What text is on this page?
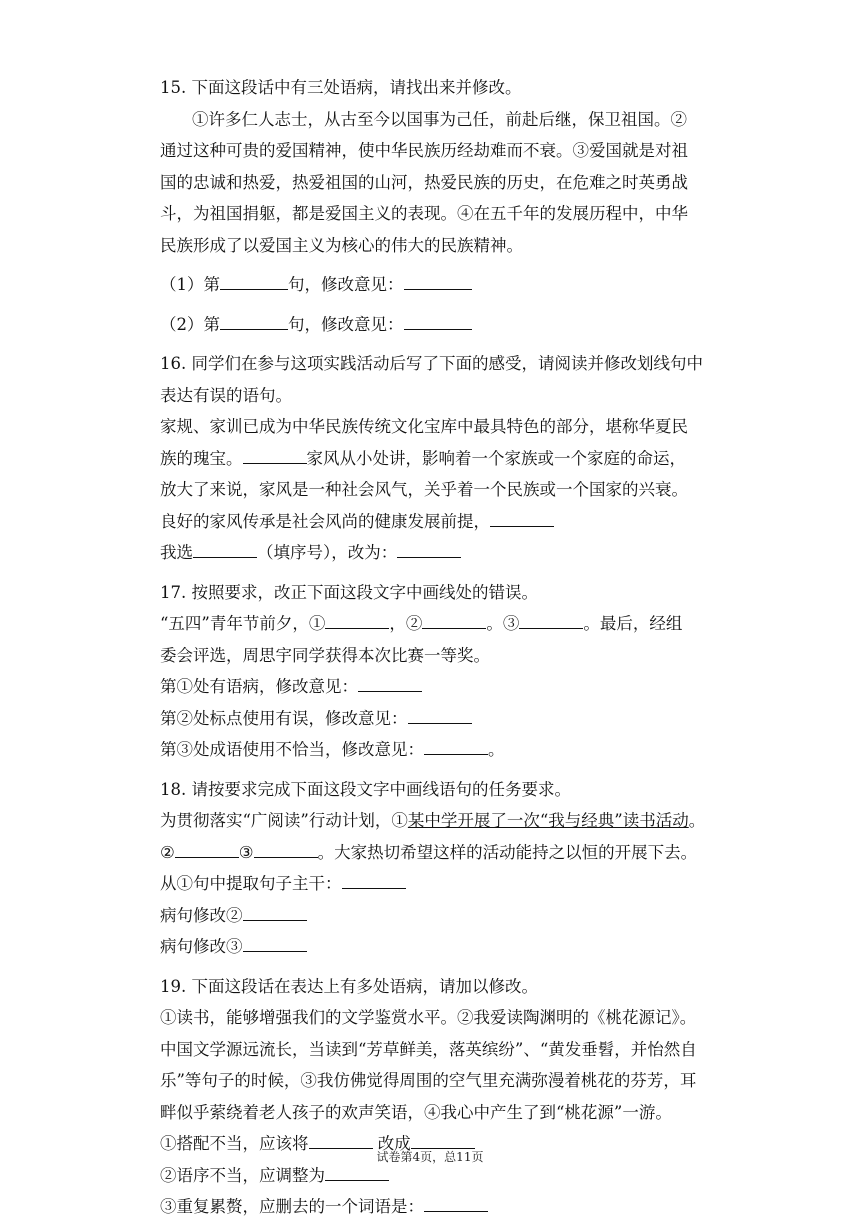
15. 下面这段话中有三处语病，请找出来并修改。
①许多仁人志士，从古至今以国事为己任，前赴后继，保卫祖国。②
通过这种可贵的爱国精神，使中华民族历经劫难而不衰。③爱国就是对祖
国的忠诚和热爱，热爱祖国的山河，热爱民族的历史，在危难之时英勇战
斗，为祖国捐躯，都是爱国主义的表现。④在五千年的发展历程中，中华
民族形成了以爱国主义为核心的伟大的民族精神。
（1）第	句，修改意见：
（2）第	句，修改意见：
16. 同学们在参与这项实践活动后写了下面的感受，请阅读并修改划线句中
表达有误的语句。
家规、家训已成为中华民族传统文化宝库中最具特色的部分，堪称华夏民
族的瑰宝。	家风从小处讲，影响着一个家族或一个家庭的命运，
放大了来说，家风是一种社会风气，关乎着一个民族或一个国家的兴衰。
良好的家风传承是社会风尚的健康发展前提，
我选	（填序号），改为：
17. 按照要求，改正下面这段文字中画线处的错误。
“五四”青年节前夕，①	，②	。③	。最后，经组
委会评选，周思宇同学获得本次比赛一等奖。
第①处有语病，修改意见：
第②处标点使用有误，修改意见：
第③处成语使用不恰当，修改意见：	。
18. 请按要求完成下面这段文字中画线语句的任务要求。
为贯彻落实“广阅读”行动计划，①某中学开展了一次“我与经典”读书活动。
②	③	。大家热切希望这样的活动能持之以恒的开展下去。
从①句中提取句子主干：
病句修改②
病句修改③
19. 下面这段话在表达上有多处语病，请加以修改。
①读书，能够增强我们的文学鉴赏水平。②我爱读陶渊明的《桃花源记》。
中国文学源远流长，当读到“芳草鲜美，落英缤纷”、“黄发垂髫，并怡然自
乐”等句子的时候，③我仿佛觉得周围的空气里充满弥漫着桃花的芬芳，耳
畔似乎萦绕着老人孩子的欢声笑语，④我心中产生了到“桃花源”一游。
①搭配不当，应该将	改成
②语序不当，应调整为
③重复累赘，应删去的一个词语是：
试卷第4页，总11页
